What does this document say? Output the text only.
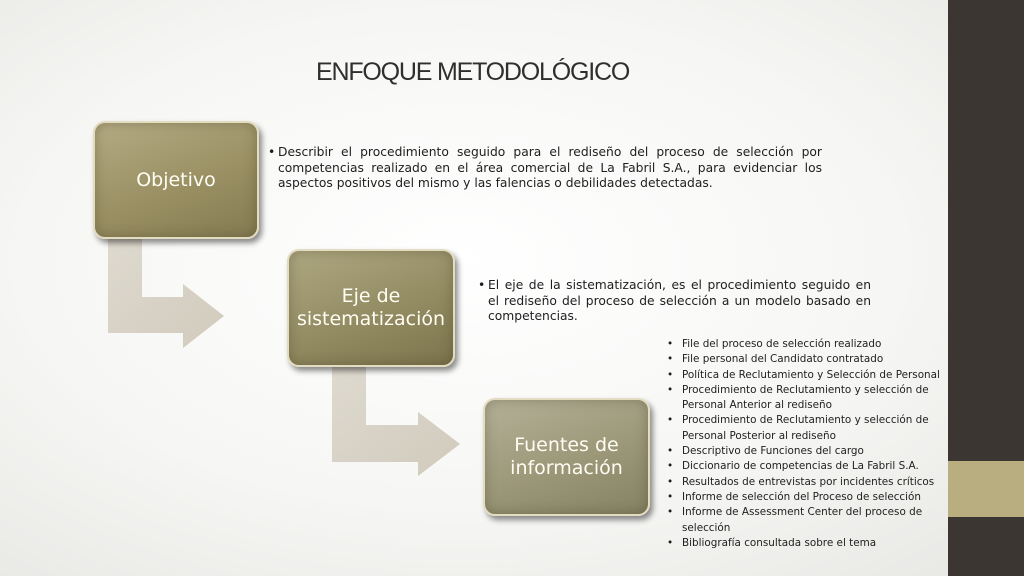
ENFOQUE METODOLÓGICO
Objetivo
Eje de sistematización
Fuentes de información
• Describir el procedimiento seguido para el rediseño del proceso de selección por competencias realizado en el área comercial de La Fabril S.A., para evidenciar los aspectos positivos del mismo y las falencias o debilidades detectadas.
• El eje de la sistematización, es el procedimiento seguido en el rediseño del proceso de selección a un modelo basado en competencias.
• File del proceso de selección realizado
• File personal del Candidato contratado
• Política de Reclutamiento y Selección de Personal
• Procedimiento de Reclutamiento y selección de Personal Anterior al rediseño
• Procedimiento de Reclutamiento y selección de Personal Posterior al rediseño
• Descriptivo de Funciones del cargo
• Diccionario de competencias de La Fabril S.A.
• Resultados de entrevistas por incidentes críticos
• Informe de selección del Proceso de selección
• Informe de Assessment Center del proceso de selección
• Bibliografía consultada sobre el tema
